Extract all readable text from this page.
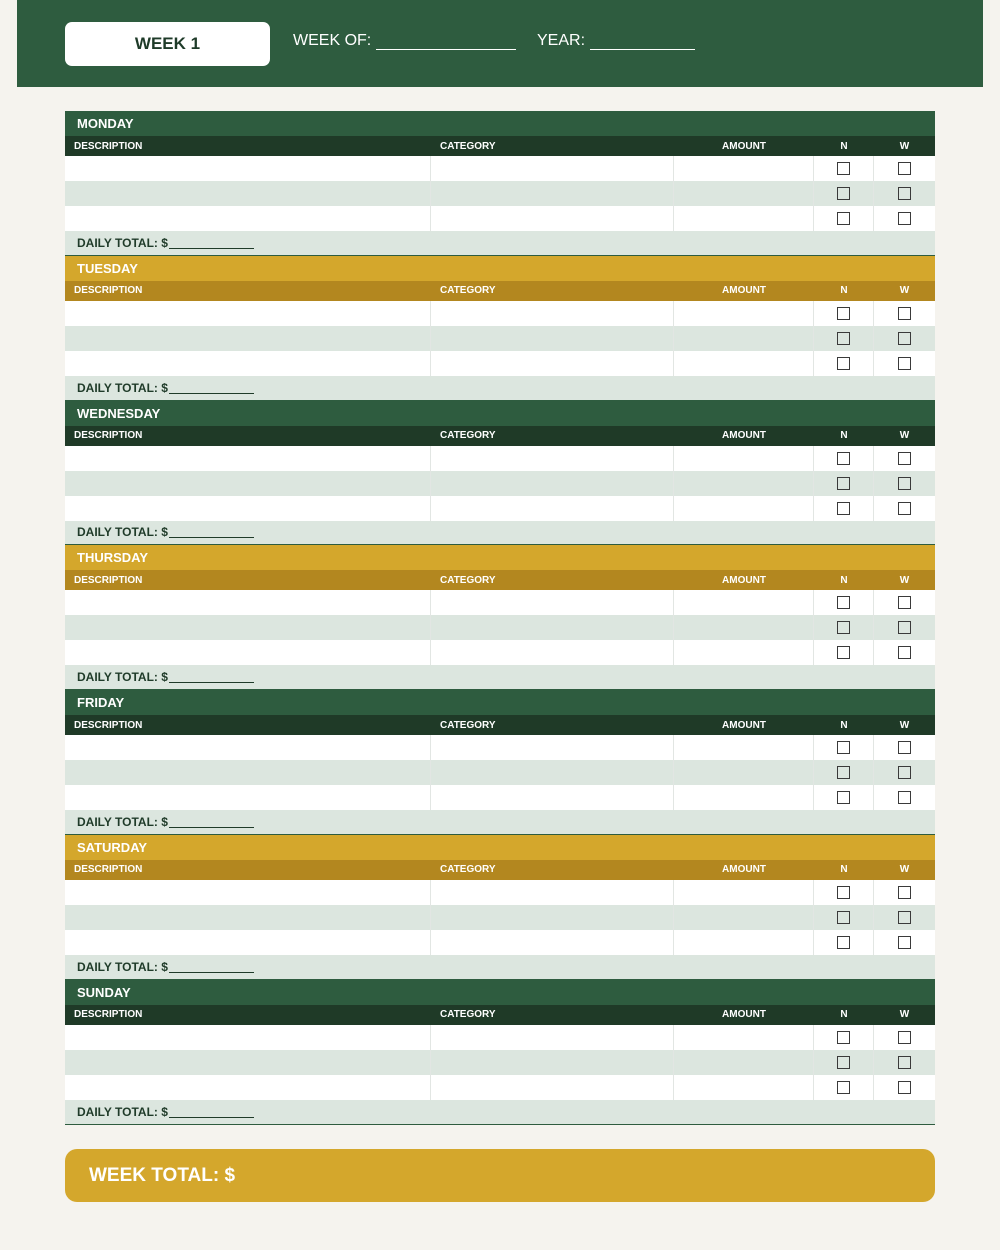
WEEK 1	WEEK OF:	YEAR:
MONDAY
DESCRIPTION	CATEGORY	AMOUNT	N	W
DAILY TOTAL: $
TUESDAY
DESCRIPTION	CATEGORY	AMOUNT	N	W
DAILY TOTAL: $
WEDNESDAY
DESCRIPTION	CATEGORY	AMOUNT	N	W
DAILY TOTAL: $
THURSDAY
DESCRIPTION	CATEGORY	AMOUNT	N	W
DAILY TOTAL: $
FRIDAY
DESCRIPTION	CATEGORY	AMOUNT	N	W
DAILY TOTAL: $
SATURDAY
DESCRIPTION	CATEGORY	AMOUNT	N	W
DAILY TOTAL: $
SUNDAY
DESCRIPTION	CATEGORY	AMOUNT	N	W
DAILY TOTAL: $
WEEK TOTAL: $
